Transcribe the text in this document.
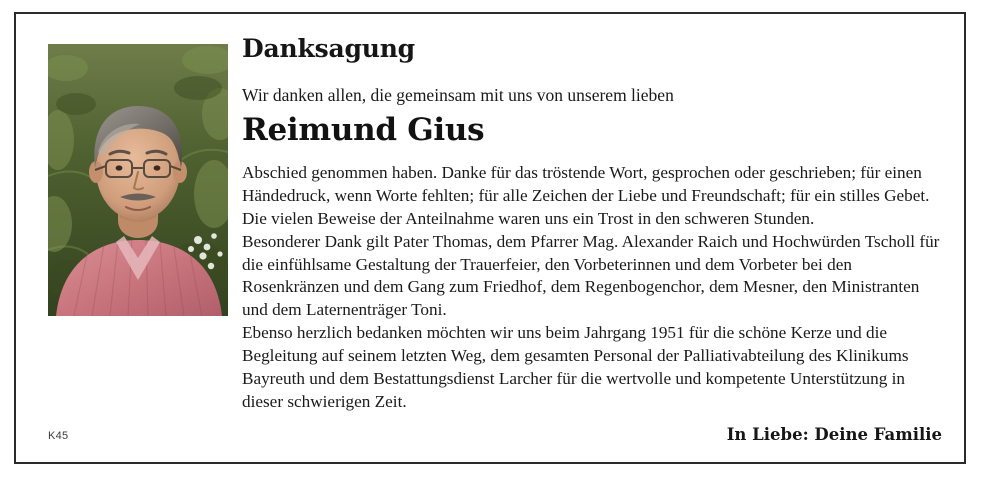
Danksagung

Wir danken allen, die gemeinsam mit uns von unserem lieben

Reimund Gius

Abschied genommen haben. Danke für das tröstende Wort, gesprochen oder geschrieben; für einen Händedruck, wenn Worte fehlten; für alle Zeichen der Liebe und Freundschaft; für ein stilles Gebet. Die vielen Beweise der Anteilnahme waren uns ein Trost in den schweren Stunden.

Besonderer Dank gilt Pater Thomas, dem Pfarrer Mag. Alexander Raich und Hochwürden Tscholl für die einfühlsame Gestaltung der Trauerfeier, den Vorbeterinnen und dem Vorbeter bei den Rosenkränzen und dem Gang zum Friedhof, dem Regenbogenchor, dem Mesner, den Ministranten und dem Laternenträger Toni.

Ebenso herzlich bedanken möchten wir uns beim Jahrgang 1951 für die schöne Kerze und die Begleitung auf seinem letzten Weg, dem gesamten Personal der Palliativabteilung des Klinikums Bayreuth und dem Bestattungsdienst Larcher für die wertvolle und kompetente Unterstützung in dieser schwierigen Zeit.

K45	In Liebe: Deine Familie
